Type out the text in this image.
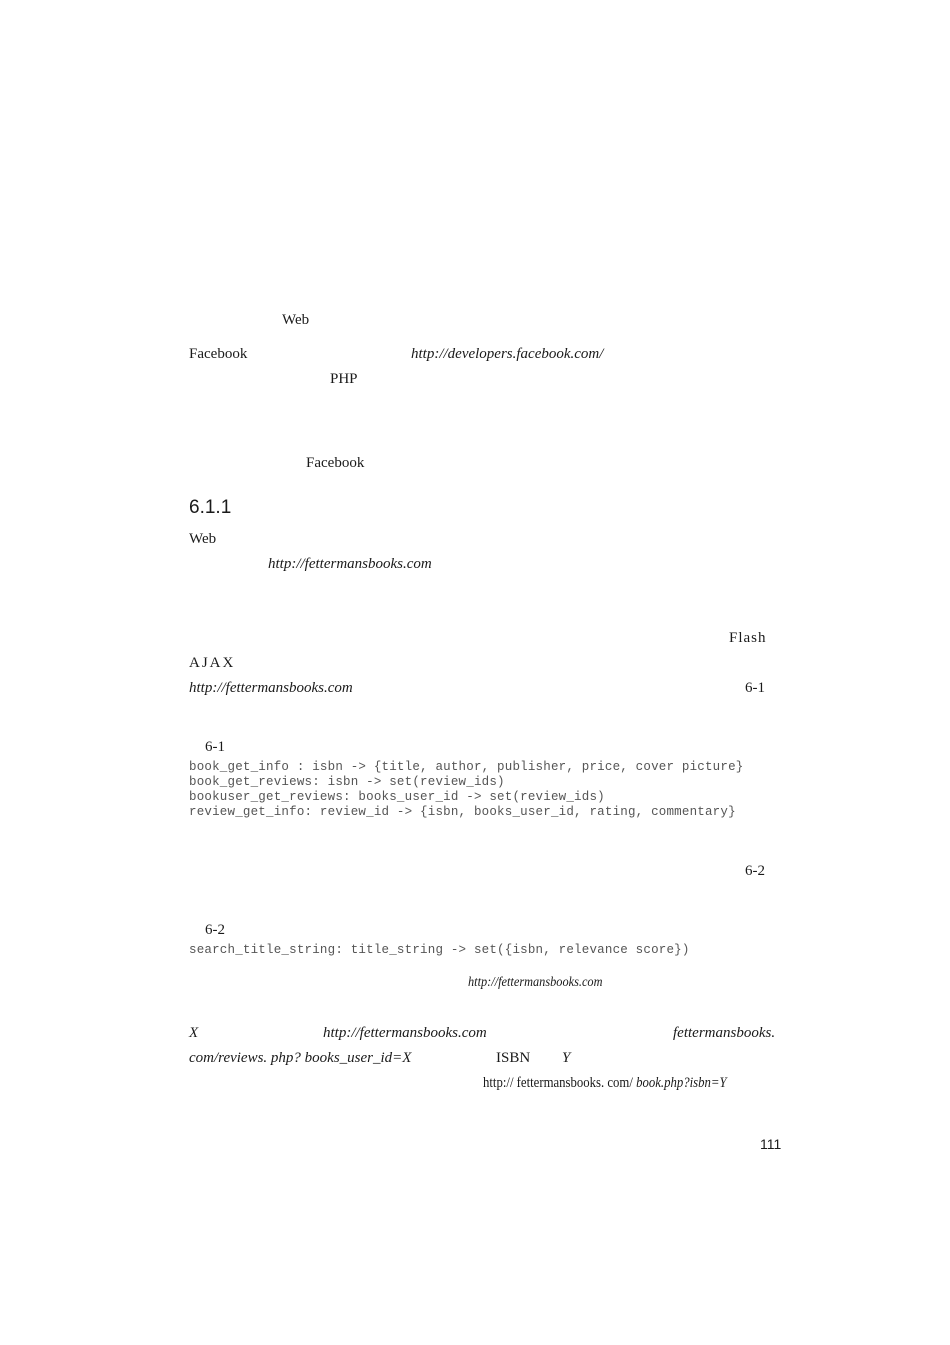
Web
Facebook	http://developers.facebook.com/
PHP
Facebook
6.1.1
Web
http://fettermansbooks.com
Flash
AJAX
http://fettermansbooks.com	6-1
6-1
book_get_info : isbn -> {title, author, publisher, price, cover picture}
book_get_reviews: isbn -> set(review_ids)
bookuser_get_reviews: books_user_id -> set(review_ids)
review_get_info: review_id -> {isbn, books_user_id, rating, commentary}
6-2
6-2
search_title_string: title_string -> set({isbn, relevance score})
http://fettermansbooks.com
X	http://fettermansbooks.com	fettermansbooks.
com/reviews. php? books_user_id=X	ISBN Y
http:// fettermansbooks. com/ book.php?isbn=Y
111
